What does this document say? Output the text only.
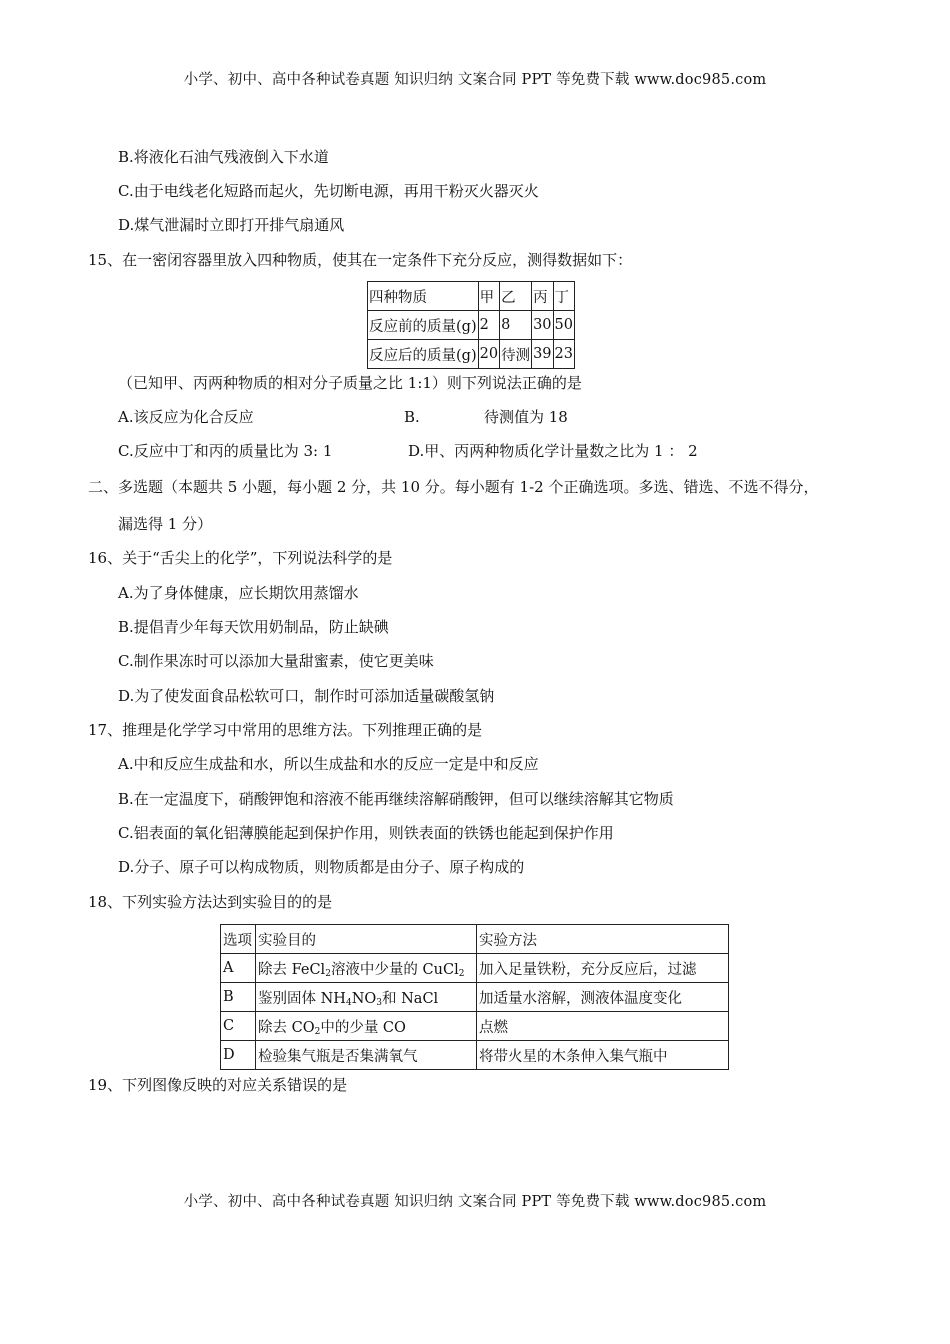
小学、初中、高中各种试卷真题 知识归纳 文案合同 PPT 等免费下载 www.doc985.com
B.将液化石油气残液倒入下水道
C.由于电线老化短路而起火，先切断电源，再用干粉灭火器灭火
D.煤气泄漏时立即打开排气扇通风
15、在一密闭容器里放入四种物质，使其在一定条件下充分反应，测得数据如下：
四种物质	甲	乙	丙	丁
反应前的质量(g)	2	8	30	50
反应后的质量(g)	20	待测	39	23
（已知甲、丙两种物质的相对分子质量之比 1:1）则下列说法正确的是
A.该反应为化合反应	B.	待测值为 18
C.反应中丁和丙的质量比为 3: 1	D.甲、丙两种物质化学计量数之比为 1 ： 2
二、多选题（本题共 5 小题，每小题 2 分，共 10 分。每小题有 1-2 个正确选项。多选、错选、不选不得分，
漏选得 1 分）
16、关于“舌尖上的化学”，下列说法科学的是
A.为了身体健康，应长期饮用蒸馏水
B.提倡青少年每天饮用奶制品，防止缺碘
C.制作果冻时可以添加大量甜蜜素，使它更美味
D.为了使发面食品松软可口，制作时可添加适量碳酸氢钠
17、推理是化学学习中常用的思维方法。下列推理正确的是
A.中和反应生成盐和水，所以生成盐和水的反应一定是中和反应
B.在一定温度下，硝酸钾饱和溶液不能再继续溶解硝酸钾，但可以继续溶解其它物质
C.铝表面的氧化铝薄膜能起到保护作用，则铁表面的铁锈也能起到保护作用
D.分子、原子可以构成物质，则物质都是由分子、原子构成的
18、下列实验方法达到实验目的的是
选项	实验目的	实验方法
A	除去 FeCl$_2$溶液中少量的 CuCl$_2$	加入足量铁粉，充分反应后，过滤
B	鉴别固体 $NH_4NO_3$和 NaCl	加适量水溶解，测液体温度变化
C	除去 $CO_2$中的少量 CO	点燃
D	检验集气瓶是否集满氧气	将带火星的木条伸入集气瓶中
19、下列图像反映的对应关系错误的是
小学、初中、高中各种试卷真题 知识归纳 文案合同 PPT 等免费下载 www.doc985.com
